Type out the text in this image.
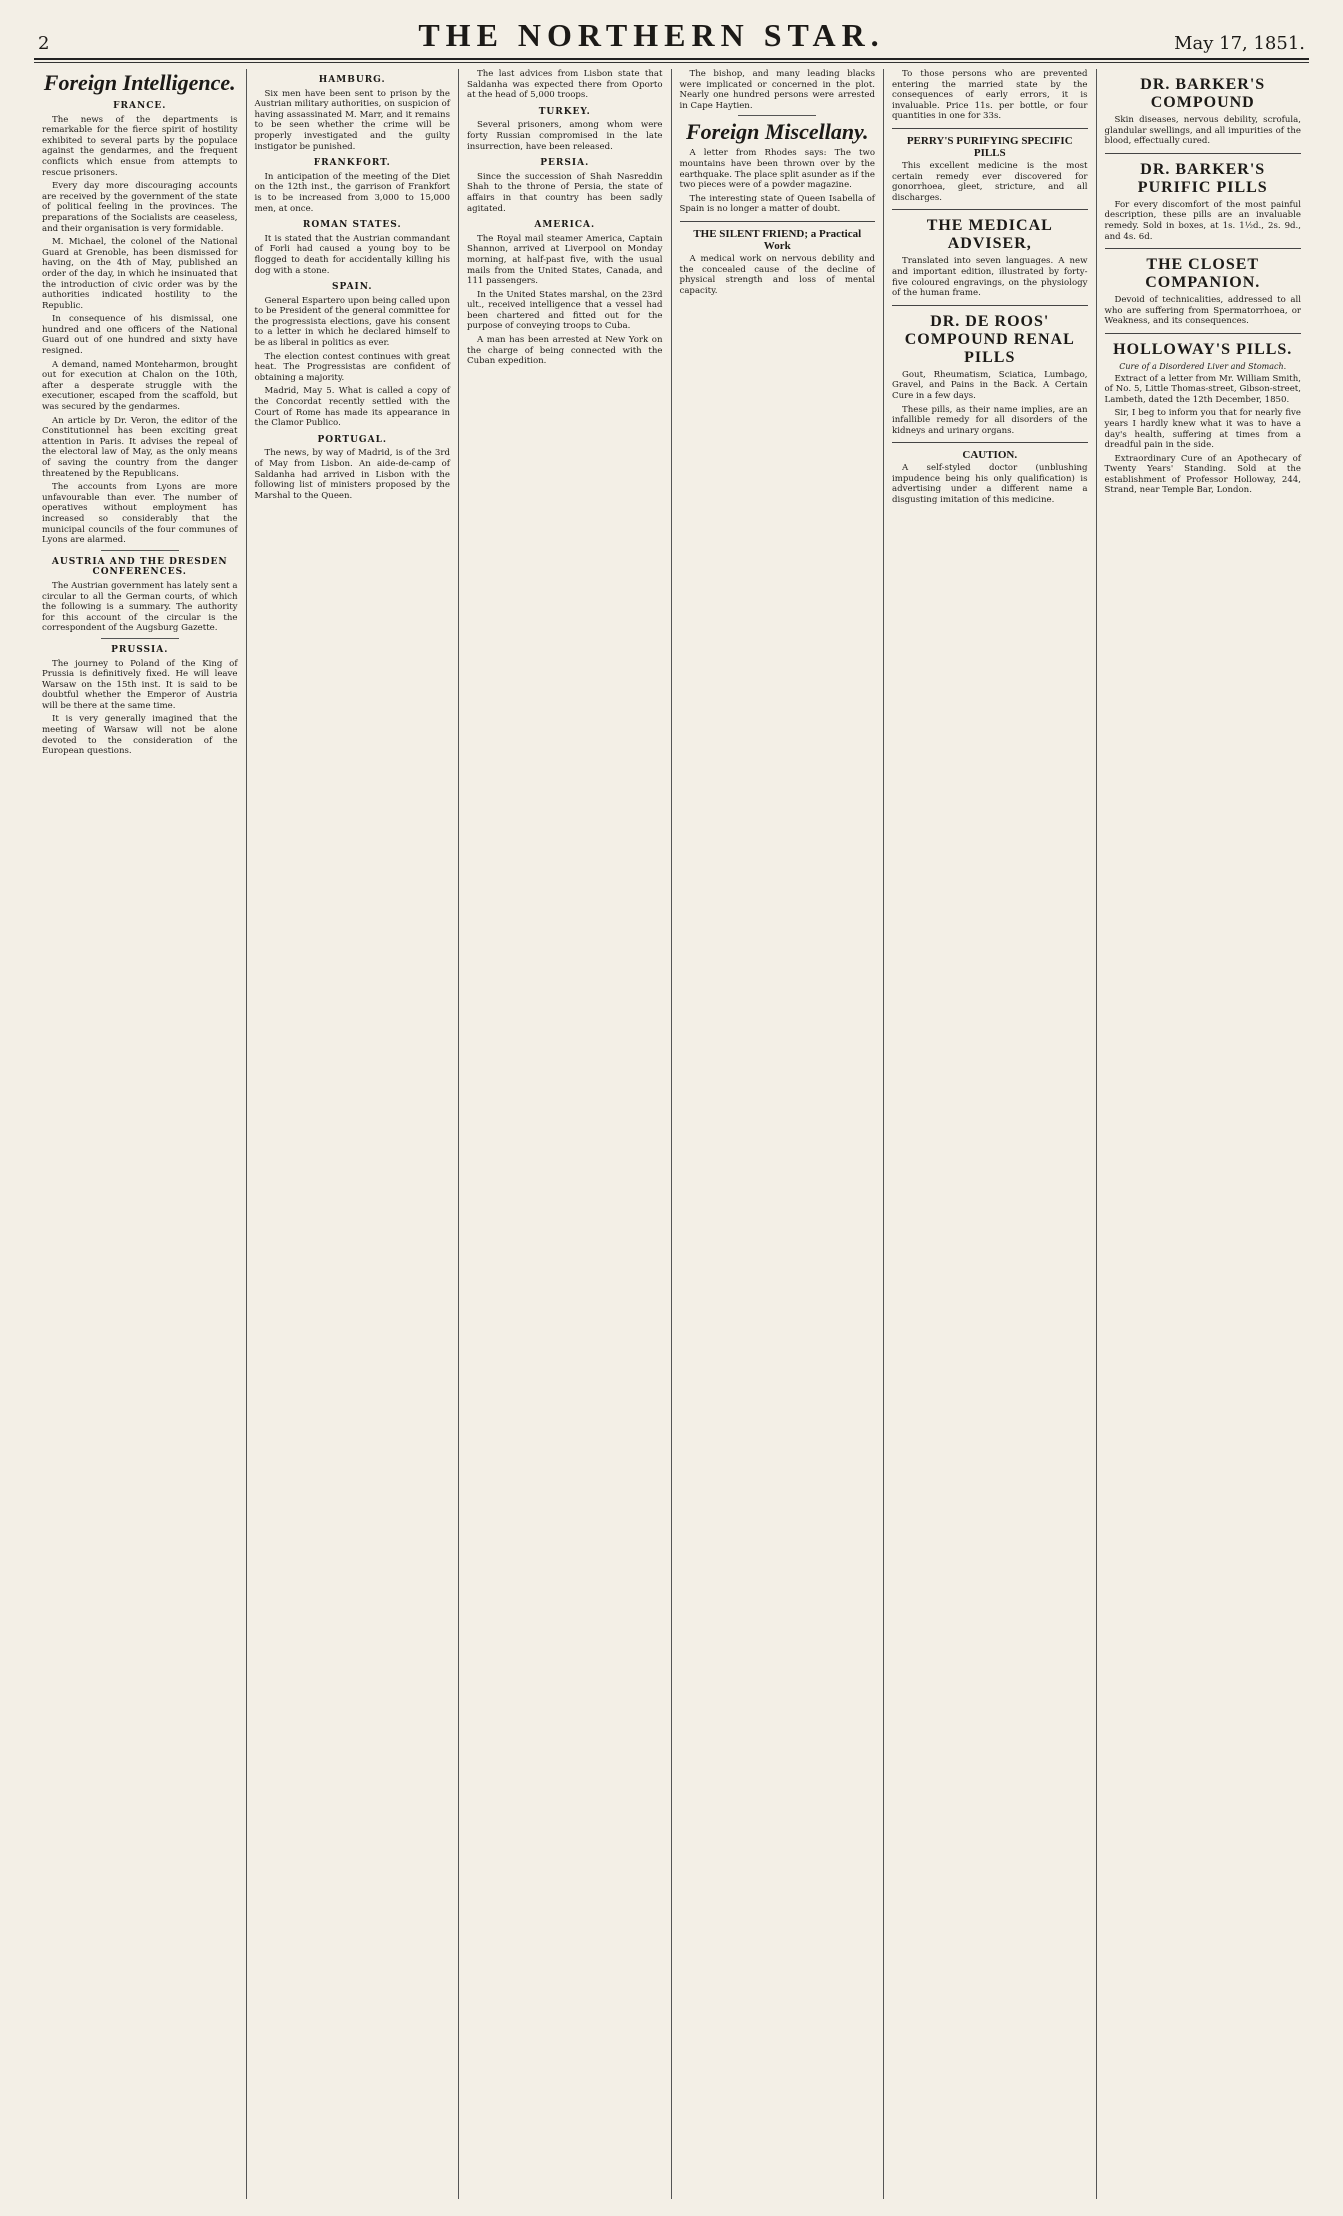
2	THE NORTHERN STAR.	May 17, 1851.
Foreign Intelligence.
FRANCE.

The news of the departments is remarkable for the fierce spirit of hostility exhibited to several parts by the populace against the gendarmes, and the frequent conflicts which ensue from attempts to rescue prisoners.

Every day more discouraging accounts are received by the government of the state of political feeling in the provinces. The preparations of the Socialists are ceaseless, and their organisation is very formidable.

M. Michael, the colonel of the National Guard at Grenoble, has been dismissed for having, on the 4th of May, published an order of the day, in which he insinuated that the introduction of civic order was by the authorities indicated hostility to the Republic.

In consequence of his dismissal, one hundred and one officers of the National Guard out of one hundred and sixty have resigned.

A demand, named Monteharmon, brought out for execution at Chalon on the 10th, after a desperate struggle with the executioner, escaped from the scaffold, but was secured by the gendarmes.

An article by Dr. Veron, the editor of the Constitutionnel has been exciting great attention in Paris. It advises the repeal of the electoral law of May, as the only means of saving the country from the danger threatened by the Republicans.

The accounts from Lyons are more unfavourable than ever. The number of operatives without employment has increased so considerably that the municipal councils of the four communes of Lyons are alarmed.

AUSTRIA AND THE DRESDEN CONFERENCES.

The Austrian government has lately sent a circular to all the German courts, of which the following is a summary. The authority for this account of the circular is the correspondent of the Augsburg Gazette.

PRUSSIA.

The journey to Poland of the King of Prussia is definitively fixed. He will leave Warsaw on the 15th inst. It is said to be doubtful whether the Emperor of Austria will be there at the same time.

It is very generally imagined that the meeting of Warsaw will not be alone devoted to the consideration of the European questions.

HAMBURG.

Six men have been sent to prison by the Austrian military authorities, on suspicion of having assassinated M. Marr, and it remains to be seen whether the crime will be properly investigated and the guilty instigator be punished.

FRANKFORT.

In anticipation of the meeting of the Diet on the 12th inst., the garrison of Frankfort is to be increased from 3,000 to 15,000 men, at once.

ROMAN STATES.

It is stated that the Austrian commandant of Forli had caused a young boy to be flogged to death for accidentally killing his dog with a stone.

SPAIN.

General Espartero upon being called upon to be President of the general committee for the progressista elections, gave his consent to a letter in which he declared himself to be as liberal in politics as ever.

The election contest continues with great heat. The Progressistas are confident of obtaining a majority.

Madrid, May 5. What is called a copy of the Concordat recently settled with the Court of Rome has made its appearance in the Clamor Publico.

PORTUGAL.

The news, by way of Madrid, is of the 3rd of May from Lisbon. An aide-de-camp of Saldanha had arrived in Lisbon with the following list of ministers proposed by the Marshal to the Queen.

The last advices from Lisbon state that Saldanha was expected there from Oporto at the head of 5,000 troops.

TURKEY.

Several prisoners, among whom were forty Russian compromised in the late insurrection, have been released.

PERSIA.

Since the succession of Shah Nasreddin Shah to the throne of Persia, the state of affairs in that country has been sadly agitated.

AMERICA.

The Royal mail steamer America, Captain Shannon, arrived at Liverpool on Monday morning, at half-past five, with the usual mails from the United States, Canada, and 111 passengers.

In the United States marshal, on the 23rd ult., received intelligence that a vessel had been chartered and fitted out for the purpose of conveying troops to Cuba.

A man has been arrested at New York on the charge of being connected with the Cuban expedition.

The bishop, and many leading blacks were implicated or concerned in the plot. Nearly one hundred persons were arrested in Cape Haytien.

Foreign Miscellany.

A letter from Rhodes says: The two mountains have been thrown over by the earthquake. The place split asunder as if the two pieces were of a powder magazine.

The interesting state of Queen Isabella of Spain is no longer a matter of doubt.

THE SILENT FRIEND; a Practical Work

A medical work on nervous debility and the concealed cause of the decline of physical strength and loss of mental capacity.

To those persons who are prevented entering the married state by the consequences of early errors, it is invaluable. Price 11s. per bottle, or four quantities in one for 33s.

PERRY'S PURIFYING SPECIFIC PILLS

This excellent medicine is the most certain remedy ever discovered for gonorrhoea, gleet, stricture, and all discharges.

THE MEDICAL ADVISER,

Translated into seven languages. A new and important edition, illustrated by forty-five coloured engravings, on the physiology of the human frame.

DR. DE ROOS' COMPOUND RENAL PILLS

Gout, Rheumatism, Sciatica, Lumbago, Gravel, and Pains in the Back. A Certain Cure in a few days.

These pills, as their name implies, are an infallible remedy for all disorders of the kidneys and urinary organs.

CAUTION.

A self-styled doctor (unblushing impudence being his only qualification) is advertising under a different name a disgusting imitation of this medicine.

DR. BARKER'S COMPOUND

Skin diseases, nervous debility, scrofula, glandular swellings, and all impurities of the blood, effectually cured.

DR. BARKER'S PURIFIC PILLS

For every discomfort of the most painful description, these pills are an invaluable remedy. Sold in boxes, at 1s. 1½d., 2s. 9d., and 4s. 6d.

THE CLOSET COMPANION.

Devoid of technicalities, addressed to all who are suffering from Spermatorrhoea, or Weakness, and its consequences.

HOLLOWAY'S PILLS.
Cure of a Disordered Liver and Stomach.

Extract of a letter from Mr. William Smith, of No. 5, Little Thomas-street, Gibson-street, Lambeth, dated the 12th December, 1850.

Sir, I beg to inform you that for nearly five years I hardly knew what it was to have a day's health, suffering at times from a dreadful pain in the side.

Extraordinary Cure of an Apothecary of Twenty Years' Standing. Sold at the establishment of Professor Holloway, 244, Strand, near Temple Bar, London.
